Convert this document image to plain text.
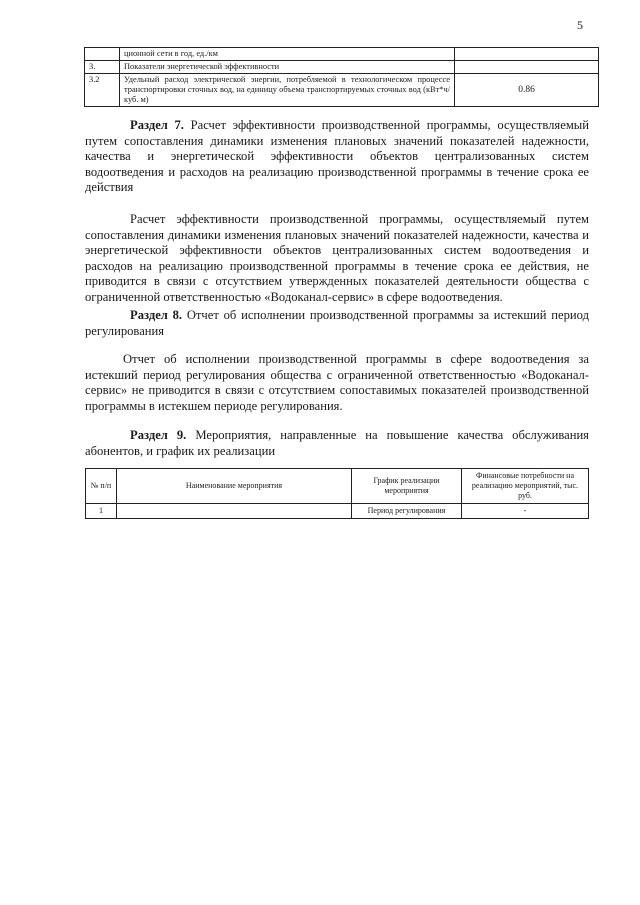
5
	ционной сети в год, ед./км	
3.	Показатели энергетической эффективности	
3.2	Удельный расход электрической энергии, потребляемой в технологическом процессе транспортировки сточных вод, на единицу объема транспортируемых сточных вод (кВт*ч/ куб. м)	0.86
Раздел 7. Расчет эффективности производственной программы, осуществляемый путем сопоставления динамики изменения плановых значений показателей надежности, качества и энергетической эффективности объектов централизованных систем водоотведения и расходов на реализацию производственной программы в течение срока ее действия
Расчет эффективности производственной программы, осуществляемый путем сопоставления динамики изменения плановых значений показателей надежности, качества и энергетической эффективности объектов централизованных систем водоотведения и расходов на реализацию производственной программы в течение срока ее действия, не приводится в связи с отсутствием утвержденных показателей деятельности общества с ограниченной ответственностью «Водоканал-сервис» в сфере водоотведения.
Раздел 8. Отчет об исполнении производственной программы за истекший период регулирования
Отчет об исполнении производственной программы в сфере водоотведения за истекший период регулирования общества с ограниченной ответственностью «Водоканал-сервис» не приводится в связи с отсутствием сопоставимых показателей производственной программы в истекшем периоде регулирования.
Раздел 9. Мероприятия, направленные на повышение качества обслуживания абонентов, и график их реализации
№ п/п	Наименование мероприятия	График реализации мероприятия	Финансовые потребности на реализацию мероприятий, тыс. руб.
1		Период регулирования	-
